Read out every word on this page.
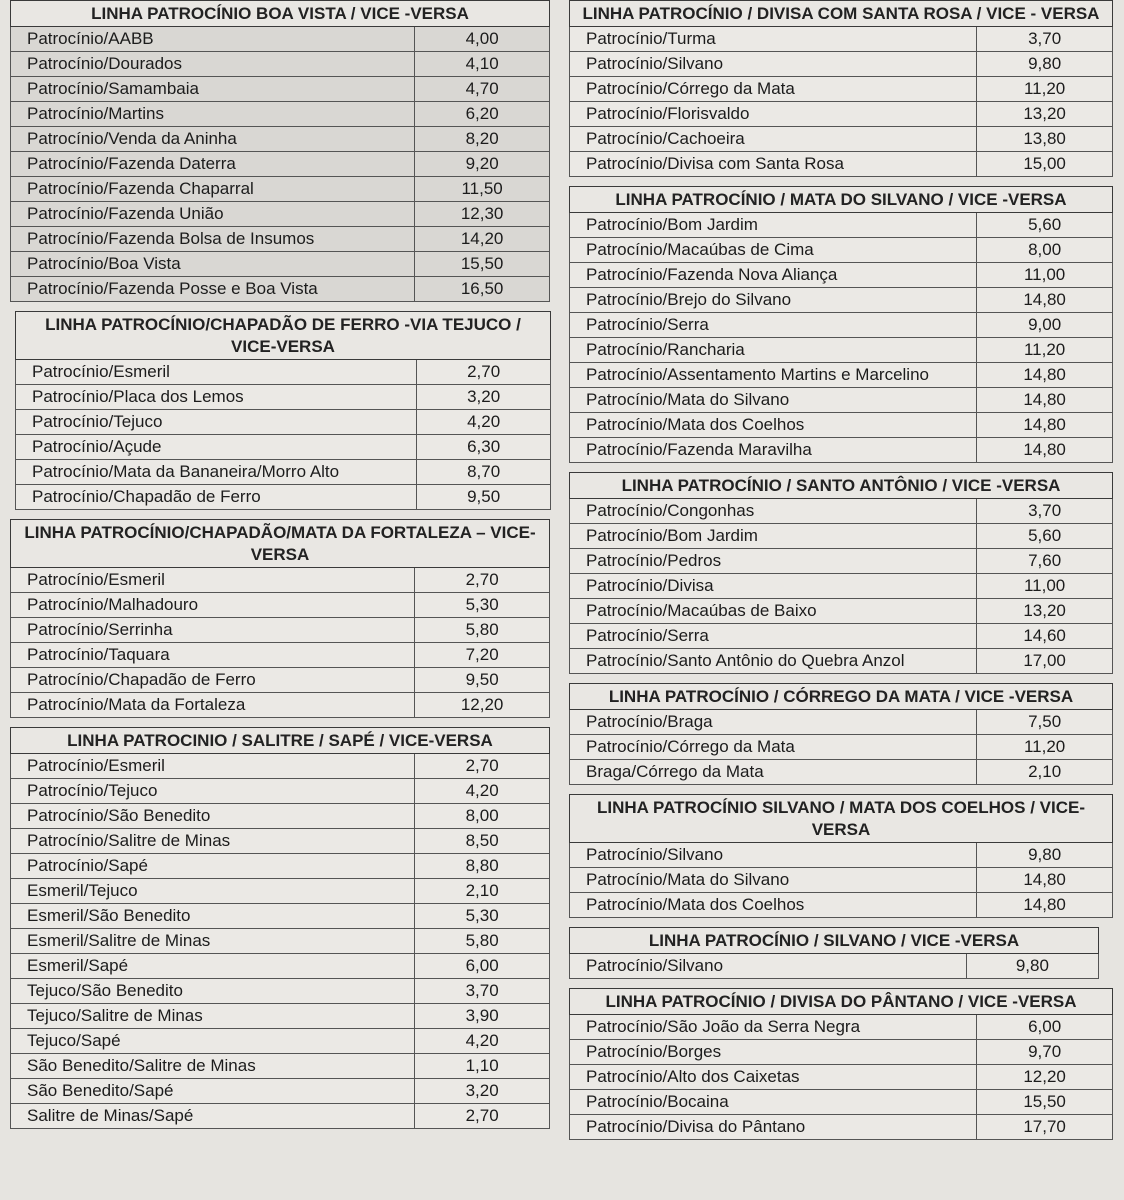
LINHA PATROCÍNIO BOA VISTA / VICE -VERSA	
Patrocínio/AABB	4,00
Patrocínio/Dourados	4,10
Patrocínio/Samambaia	4,70
Patrocínio/Martins	6,20
Patrocínio/Venda da Aninha	8,20
Patrocínio/Fazenda Daterra	9,20
Patrocínio/Fazenda Chaparral	11,50
Patrocínio/Fazenda União	12,30
Patrocínio/Fazenda Bolsa de Insumos	14,20
Patrocínio/Boa Vista	15,50
Patrocínio/Fazenda Posse e Boa Vista	16,50
LINHA PATROCÍNIO/CHAPADÃO DE FERRO -VIA TEJUCO / VICE-VERSA	
Patrocínio/Esmeril	2,70
Patrocínio/Placa dos Lemos	3,20
Patrocínio/Tejuco	4,20
Patrocínio/Açude	6,30
Patrocínio/Mata da Bananeira/Morro Alto	8,70
Patrocínio/Chapadão de Ferro	9,50
LINHA PATROCÍNIO/CHAPADÃO/MATA DA FORTALEZA – VICE-VERSA	
Patrocínio/Esmeril	2,70
Patrocínio/Malhadouro	5,30
Patrocínio/Serrinha	5,80
Patrocínio/Taquara	7,20
Patrocínio/Chapadão de Ferro	9,50
Patrocínio/Mata da Fortaleza	12,20
LINHA PATROCINIO / SALITRE / SAPÉ / VICE-VERSA	
Patrocínio/Esmeril	2,70
Patrocínio/Tejuco	4,20
Patrocínio/São Benedito	8,00
Patrocínio/Salitre de Minas	8,50
Patrocínio/Sapé	8,80
Esmeril/Tejuco	2,10
Esmeril/São Benedito	5,30
Esmeril/Salitre de Minas	5,80
Esmeril/Sapé	6,00
Tejuco/São Benedito	3,70
Tejuco/Salitre de Minas	3,90
Tejuco/Sapé	4,20
São Benedito/Salitre de Minas	1,10
São Benedito/Sapé	3,20
Salitre de Minas/Sapé	2,70
LINHA PATROCÍNIO / DIVISA COM SANTA ROSA / VICE - VERSA	
Patrocínio/Turma	3,70
Patrocínio/Silvano	9,80
Patrocínio/Córrego da Mata	11,20
Patrocínio/Florisvaldo	13,20
Patrocínio/Cachoeira	13,80
Patrocínio/Divisa com Santa Rosa	15,00
LINHA PATROCÍNIO / MATA DO SILVANO / VICE -VERSA	
Patrocínio/Bom Jardim	5,60
Patrocínio/Macaúbas de Cima	8,00
Patrocínio/Fazenda Nova Aliança	11,00
Patrocínio/Brejo do Silvano	14,80
Patrocínio/Serra	9,00
Patrocínio/Rancharia	11,20
Patrocínio/Assentamento Martins e Marcelino	14,80
Patrocínio/Mata do Silvano	14,80
Patrocínio/Mata dos Coelhos	14,80
Patrocínio/Fazenda Maravilha	14,80
LINHA PATROCÍNIO / SANTO ANTÔNIO / VICE -VERSA	
Patrocínio/Congonhas	3,70
Patrocínio/Bom Jardim	5,60
Patrocínio/Pedros	7,60
Patrocínio/Divisa	11,00
Patrocínio/Macaúbas de Baixo	13,20
Patrocínio/Serra	14,60
Patrocínio/Santo Antônio do Quebra Anzol	17,00
LINHA PATROCÍNIO / CÓRREGO DA MATA / VICE -VERSA	
Patrocínio/Braga	7,50
Patrocínio/Córrego da Mata	11,20
Braga/Córrego da Mata	2,10
LINHA PATROCÍNIO SILVANO / MATA DOS COELHOS / VICE-VERSA	
Patrocínio/Silvano	9,80
Patrocínio/Mata do Silvano	14,80
Patrocínio/Mata dos Coelhos	14,80
LINHA PATROCÍNIO / SILVANO / VICE -VERSA
Patrocínio/Silvano	9,80
LINHA PATROCÍNIO / DIVISA DO PÂNTANO / VICE -VERSA	
Patrocínio/São João da Serra Negra	6,00
Patrocínio/Borges	9,70
Patrocínio/Alto dos Caixetas	12,20
Patrocínio/Bocaina	15,50
Patrocínio/Divisa do Pântano	17,70
